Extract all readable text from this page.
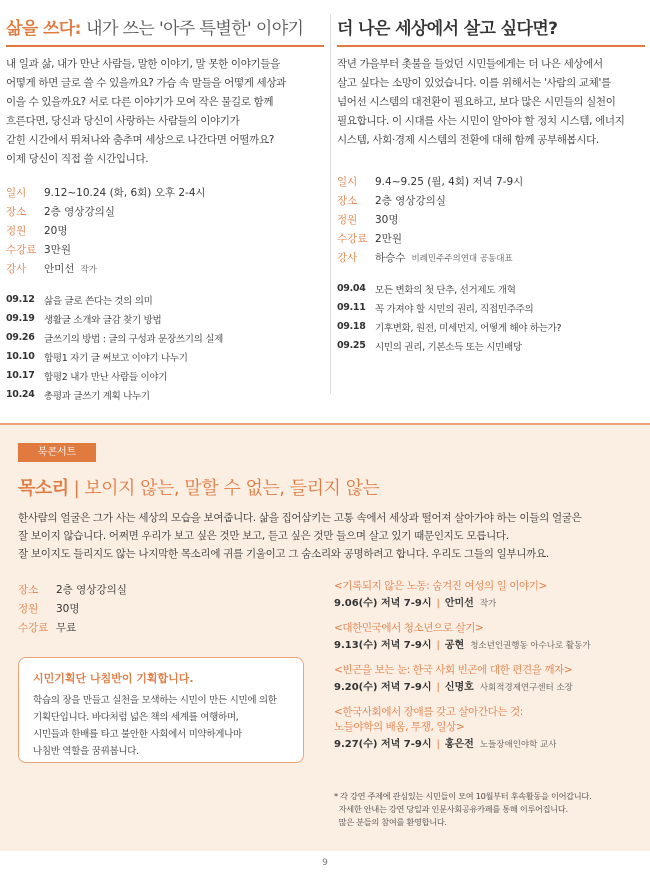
삶을 쓰다: 내가 쓰는 '아주 특별한' 이야기

내 일과 삶, 내가 만난 사람들, 말한 이야기, 말 못한 이야기들을
어떻게 하면 글로 쓸 수 있을까요? 가슴 속 말들을 어떻게 세상과
이을 수 있을까요? 서로 다른 이야기가 모여 작은 물길로 함께
흐른다면, 당신과 당신이 사랑하는 사람들의 이야기가
갇힌 시간에서 뛰쳐나와 춤추며 세상으로 나간다면 어떨까요?
이제 당신이 직접 쓸 시간입니다.

일시	9.12~10.24 (화, 6회) 오후 2-4시
장소	2층 영상강의실
정원	20명
수강료 3만원
강사	안미선 작가
09.12 삶을 글로 쓴다는 것의 의미
09.19 생활글 소개와 글감 찾기 방법
09.26 글쓰기의 방법 : 글의 구성과 문장쓰기의 실제
10.10 합평1 자기 글 써보고 이야기 나누기
10.17 합평2 내가 만난 사람들 이야기
10.24 총평과 글쓰기 계획 나누기
더 나은 세상에서 살고 싶다면?

작년 가을부터 촛불을 들었던 시민들에게는 더 나은 세상에서
살고 싶다는 소망이 있었습니다. 이를 위해서는 '사람의 교체'를
넘어선 시스템의 대전환이 필요하고, 보다 많은 시민들의 실천이
필요합니다. 이 시대를 사는 시민이 알아야 할 정치 시스템, 에너지
시스템, 사회·경제 시스템의 전환에 대해 함께 공부해봅시다.

일시	9.4~9.25 (월, 4회) 저녁 7-9시
장소	2층 영상강의실
정원	30명
수강료 2만원
강사	하승수 비례민주주의연대 공동대표
09.04 모든 변화의 첫 단추, 선거제도 개혁
09.11 꼭 가져야 할 시민의 권리, 직접민주주의
09.18 기후변화, 원전, 미세먼지, 어떻게 해야 하는가?
09.25 시민의 권리, 기본소득 또는 시민배당
북콘서트
목소리 | 보이지 않는, 말할 수 없는, 들리지 않는

한사람의 얼굴은 그가 사는 세상의 모습을 보여줍니다. 삶을 집어삼키는 고통 속에서 세상과 떨어져 살아가야 하는 이들의 얼굴은
잘 보이지 않습니다. 어쩌면 우리가 보고 싶은 것만 보고, 듣고 싶은 것만 들으며 살고 있기 때문인지도 모릅니다.
잘 보이지도 들리지도 않는 나지막한 목소리에 귀를 기울이고 그 숨소리와 공명하려고 합니다. 우리도 그들의 일부니까요.

장소	2층 영상강의실
정원	30명
수강료 무료
시민기획단 나침반이 기획합니다.

학습의 장을 만들고 실천을 모색하는 시민이 만든 시민에 의한
기획단입니다. 바다처럼 넓은 책의 세계를 여행하며,
시민들과 한배를 타고 불안한 사회에서 미약하게나마
나침반 역할을 꿈꿔봅니다.

<기록되지 않은 노동: 숨겨진 여성의 일 이야기>
9.06(수) 저녁 7-9시 | 안미선 작가
<대한민국에서 청소년으로 살기>
9.13(수) 저녁 7-9시 | 공현 청소년인권행동 아수나로 활동가
<빈곤을 보는 눈: 한국 사회 빈곤에 대한 편견을 깨자>
9.20(수) 저녁 7-9시 | 신명호 사회적경제연구센터 소장
<한국사회에서 장애를 갖고 살아간다는 것:
노들야학의 배움, 투쟁, 일상>
9.27(수) 저녁 7-9시 | 홍은전 노들장애인야학 교사

* 각 강연 주제에 관심있는 시민들이 모여 10월부터 후속활동을 이어갑니다.
자세한 안내는 강연 당일과 인문사회공유카페를 통해 이루어집니다.
많은 분들의 참여를 환영합니다.

9
